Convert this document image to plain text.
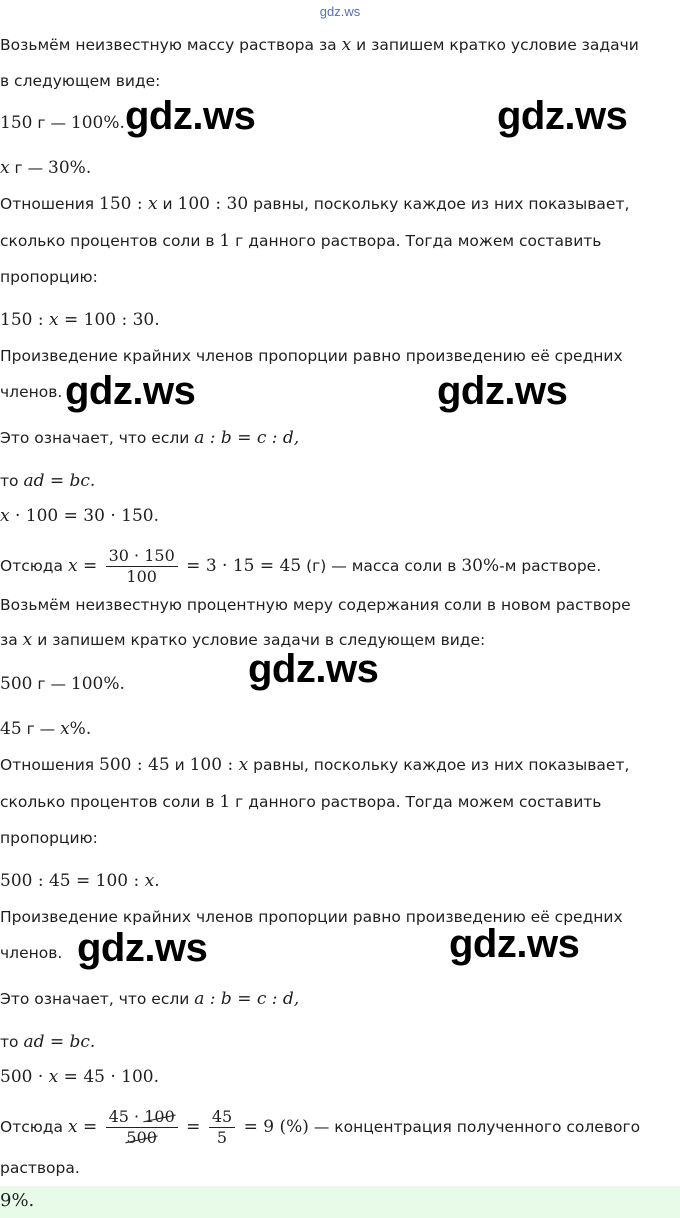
gdz.ws
Возьмём неизвестную массу раствора за x и запишем кратко условие задачи
в следующем виде:
150 г — 100%.
x г — 30%.
Отношения 150 : x и 100 : 30 равны, поскольку каждое из них показывает,
сколько процентов соли в 1 г данного раствора. Тогда можем составить
пропорцию:
150 : x = 100 : 30.
Произведение крайних членов пропорции равно произведению её средних
членов.
Это означает, что если a : b = c : d,
то ad = bc.
x · 100 = 30 · 150.
Отсюда $x = \frac{30 \cdot 150}{100} = 3 \cdot 15 = 45$ (г) — масса соли в 30%-м растворе.
Возьмём неизвестную процентную меру содержания соли в новом растворе
за x и запишем кратко условие задачи в следующем виде:
500 г — 100%.
45 г — x%.
Отношения 500 : 45 и 100 : x равны, поскольку каждое из них показывает,
сколько процентов соли в 1 г данного раствора. Тогда можем составить
пропорцию:
500 : 45 = 100 : x.
Произведение крайних членов пропорции равно произведению её средних
членов.
Это означает, что если a : b = c : d,
то ad = bc.
500 · x = 45 · 100.
Отсюда $x = \frac{45 \cdot 100}{500} = \frac{45}{5} = 9$ (%) — концентрация полученного солевого
раствора.
9%.
gdz.ws	gdz.ws
gdz.ws	gdz.ws
gdz.ws
gdz.ws	gdz.ws
